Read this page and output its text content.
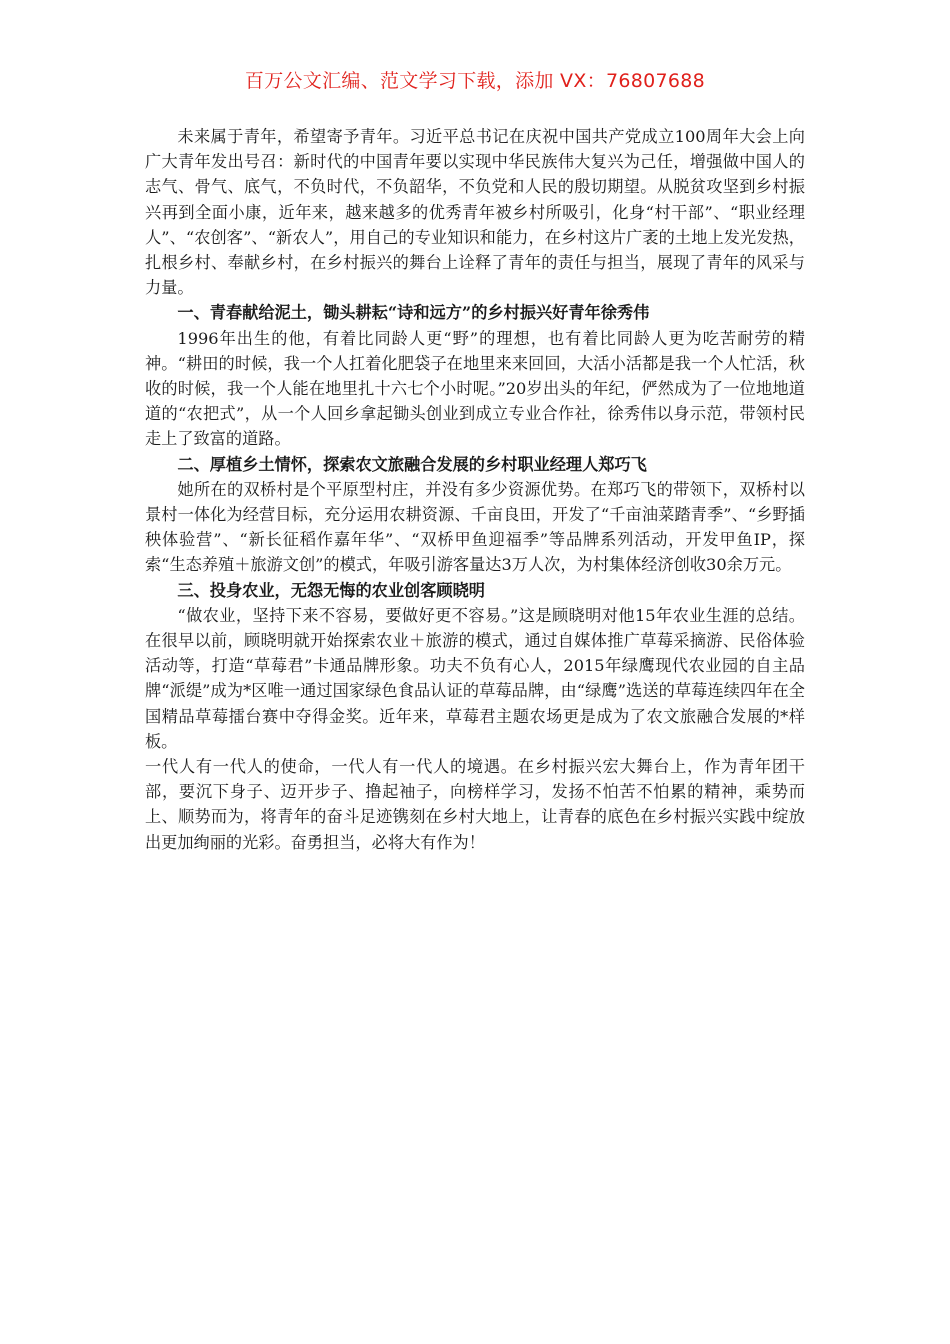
百万公文汇编、范文学习下载，添加 VX：76807688

未来属于青年，希望寄予青年。习近平总书记在庆祝中国共产党成立100周年大会上向广大青年发出号召：新时代的中国青年要以实现中华民族伟大复兴为己任，增强做中国人的志气、骨气、底气，不负时代，不负韶华，不负党和人民的殷切期望。从脱贫攻坚到乡村振兴再到全面小康，近年来，越来越多的优秀青年被乡村所吸引，化身“村干部”、“职业经理人”、“农创客”、“新农人”，用自己的专业知识和能力，在乡村这片广袤的土地上发光发热，扎根乡村、奉献乡村，在乡村振兴的舞台上诠释了青年的责任与担当，展现了青年的风采与力量。

一、青春献给泥土，锄头耕耘“诗和远方”的乡村振兴好青年徐秀伟

1996年出生的他，有着比同龄人更“野”的理想，也有着比同龄人更为吃苦耐劳的精神。“耕田的时候，我一个人扛着化肥袋子在地里来来回回，大活小活都是我一个人忙活，秋收的时候，我一个人能在地里扎十六七个小时呢。”20岁出头的年纪，俨然成为了一位地地道道的“农把式”，从一个人回乡拿起锄头创业到成立专业合作社，徐秀伟以身示范，带领村民走上了致富的道路。

二、厚植乡土情怀，探索农文旅融合发展的乡村职业经理人郑巧飞

她所在的双桥村是个平原型村庄，并没有多少资源优势。在郑巧飞的带领下，双桥村以景村一体化为经营目标，充分运用农耕资源、千亩良田，开发了“千亩油菜踏青季”、“乡野插秧体验营”、“新长征稻作嘉年华”、“双桥甲鱼迎福季”等品牌系列活动，开发甲鱼IP，探索“生态养殖＋旅游文创”的模式，年吸引游客量达3万人次，为村集体经济创收30余万元。

三、投身农业，无怨无悔的农业创客顾晓明

“做农业，坚持下来不容易，要做好更不容易。”这是顾晓明对他15年农业生涯的总结。在很早以前，顾晓明就开始探索农业＋旅游的模式，通过自媒体推广草莓采摘游、民俗体验活动等，打造“草莓君”卡通品牌形象。功夫不负有心人，2015年绿鹰现代农业园的自主品牌“派缇”成为*区唯一通过国家绿色食品认证的草莓品牌，由“绿鹰”选送的草莓连续四年在全国精品草莓擂台赛中夺得金奖。近年来，草莓君主题农场更是成为了农文旅融合发展的*样板。

一代人有一代人的使命，一代人有一代人的境遇。在乡村振兴宏大舞台上，作为青年团干部，要沉下身子、迈开步子、撸起袖子，向榜样学习，发扬不怕苦不怕累的精神，乘势而上、顺势而为，将青年的奋斗足迹镌刻在乡村大地上，让青春的底色在乡村振兴实践中绽放出更加绚丽的光彩。奋勇担当，必将大有作为！
